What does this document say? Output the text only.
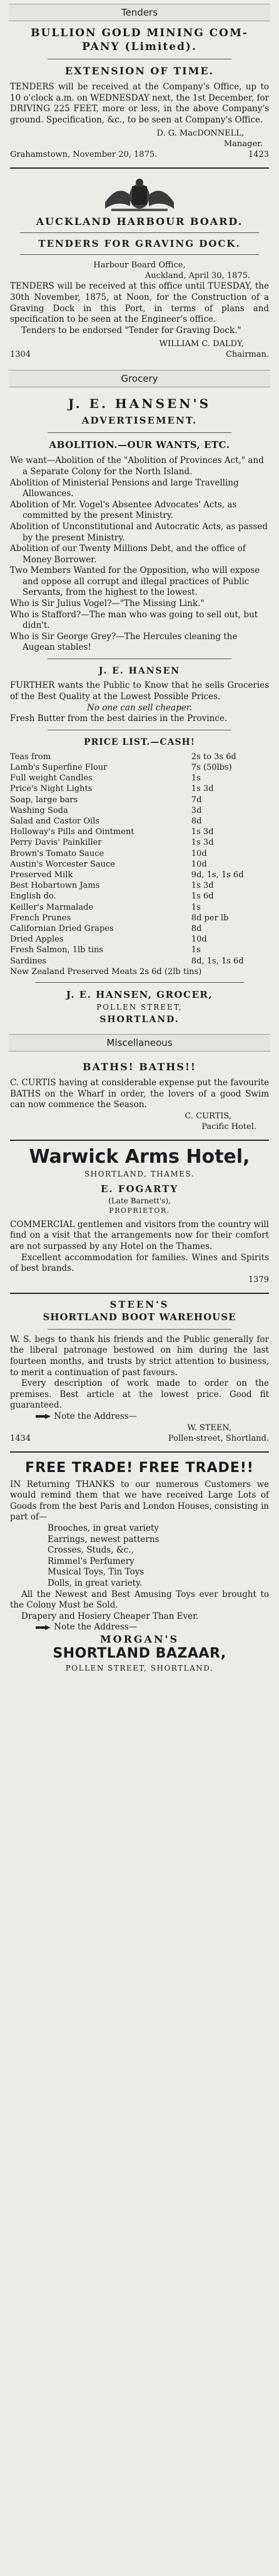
Tenders
BULLION GOLD MINING COM-
PANY (Limited).
EXTENSION OF TIME.
TENDERS will be received at the Company's Office, up to 10 o'clock a.m. on WEDNESDAY next, the 1st December, for DRIVING 225 FEET, more or less, in the above Company's ground. Specification, &c., to be seen at Company's Office.
D. G. MacDONNELL,
Manager.
Grahamstown, November 20, 1875.	1423
AUCKLAND HARBOUR BOARD.
TENDERS FOR GRAVING DOCK.
Harbour Board Office,
Auckland, April 30, 1875.
TENDERS will be received at this office until TUESDAY, the 30th November, 1875, at Noon, for the Construction of a Graving Dock in this Port, in terms of plans and specification to be seen at the Engineer's office.
Tenders to be endorsed "Tender for Graving Dock."
WILLIAM C. DALDY,
1304	Chairman.
Grocery
J. E. HANSEN'S
ADVERTISEMENT.
ABOLITION.—OUR WANTS, ETC.
We want—Abolition of the "Abolition of Provinces Act," and a Separate Colony for the North Island.
Abolition of Ministerial Pensions and large Travelling Allowances.
Abolition of Mr. Vogel's Absentee Advocates' Acts, as committed by the present Ministry.
Abolition of Unconstitutional and Autocratic Acts, as passed by the present Ministry.
Abolition of our Twenty Millions Debt, and the office of Money Borrower.
Two Members Wanted for the Opposition, who will expose and oppose all corrupt and illegal practices of Public Servants, from the highest to the lowest.
Who is Sir Julius Vogel?—"The Missing Link."
Who is Stafford?—The man who was going to sell out, but didn't.
Who is Sir George Grey?—The Hercules cleaning the Augean stables!
J. E. HANSEN
FURTHER wants the Public to Know that he sells Groceries of the Best Quality at the Lowest Possible Prices.
No one can sell cheaper.
Fresh Butter from the best dairies in the Province.
PRICE LIST.—CASH!
Teas from	2s to 3s 6d
Lamb's Superfine Flour	7s (50lbs)
Full weight Candles	1s
Price's Night Lights	1s 3d
Soap, large bars	7d
Washing Soda	3d
Salad and Castor Oils	8d
Holloway's Pills and Ointment	1s 3d
Perry Davis' Painkiller	1s 3d
Brown's Tomato Sauce	10d
Austin's Worcester Sauce	10d
Preserved Milk	9d, 1s, 1s 6d
Best Hobartown Jams	1s 3d
English do.	1s 6d
Keiller's Marmalade	1s
French Prunes	8d per lb
Californian Dried Grapes	8d
Dried Apples	10d
Fresh Salmon, 1lb tins	1s
Sardines	8d, 1s, 1s 6d
New Zealand Preserved Meats 2s 6d (2lb tins)	
J. E. HANSEN, GROCER,
POLLEN STREET,
SHORTLAND.
Miscellaneous
BATHS! BATHS!!
C. CURTIS having at considerable expense put the favourite BATHS on the Wharf in order, the lovers of a good Swim can now commence the Season.
C. CURTIS,
Pacific Hotel.
Warwick Arms Hotel,
SHORTLAND, THAMES.
E. FOGARTY
(Late Barnett's),
PROPRIETOR.
COMMERCIAL gentlemen and visitors from the country will find on a visit that the arrangements now for their comfort are not surpassed by any Hotel on the Thames.
Excellent accommodation for families. Wines and Spirits of best brands.
1379
STEEN'S
SHORTLAND BOOT WAREHOUSE
W. S. begs to thank his friends and the Public generally for the liberal patronage bestowed on him during the last fourteen months, and trusts by strict attention to business, to merit a continuation of past favours.
Every description of work made to order on the premises. Best article at the lowest price. Good fit guaranteed.
Note the Address—
W. STEEN,
1434	Pollen-street, Shortland.
FREE TRADE! FREE TRADE!!
IN Returning THANKS to our numerous Customers we would remind them that we have received Large Lots of Goods from the best Paris and London Houses, consisting in part of—
Brooches, in great variety
Earrings, newest patterns
Crosses, Studs, &c.,
Rimmel's Perfumery
Musical Toys, Tin Toys
Dolls, in great variety.
All the Newest and Best Amusing Toys ever brought to the Colony Must be Sold.
Drapery and Hosiery Cheaper Than Ever.
Note the Address—
MORGAN'S
SHORTLAND BAZAAR,
POLLEN STREET, SHORTLAND.
